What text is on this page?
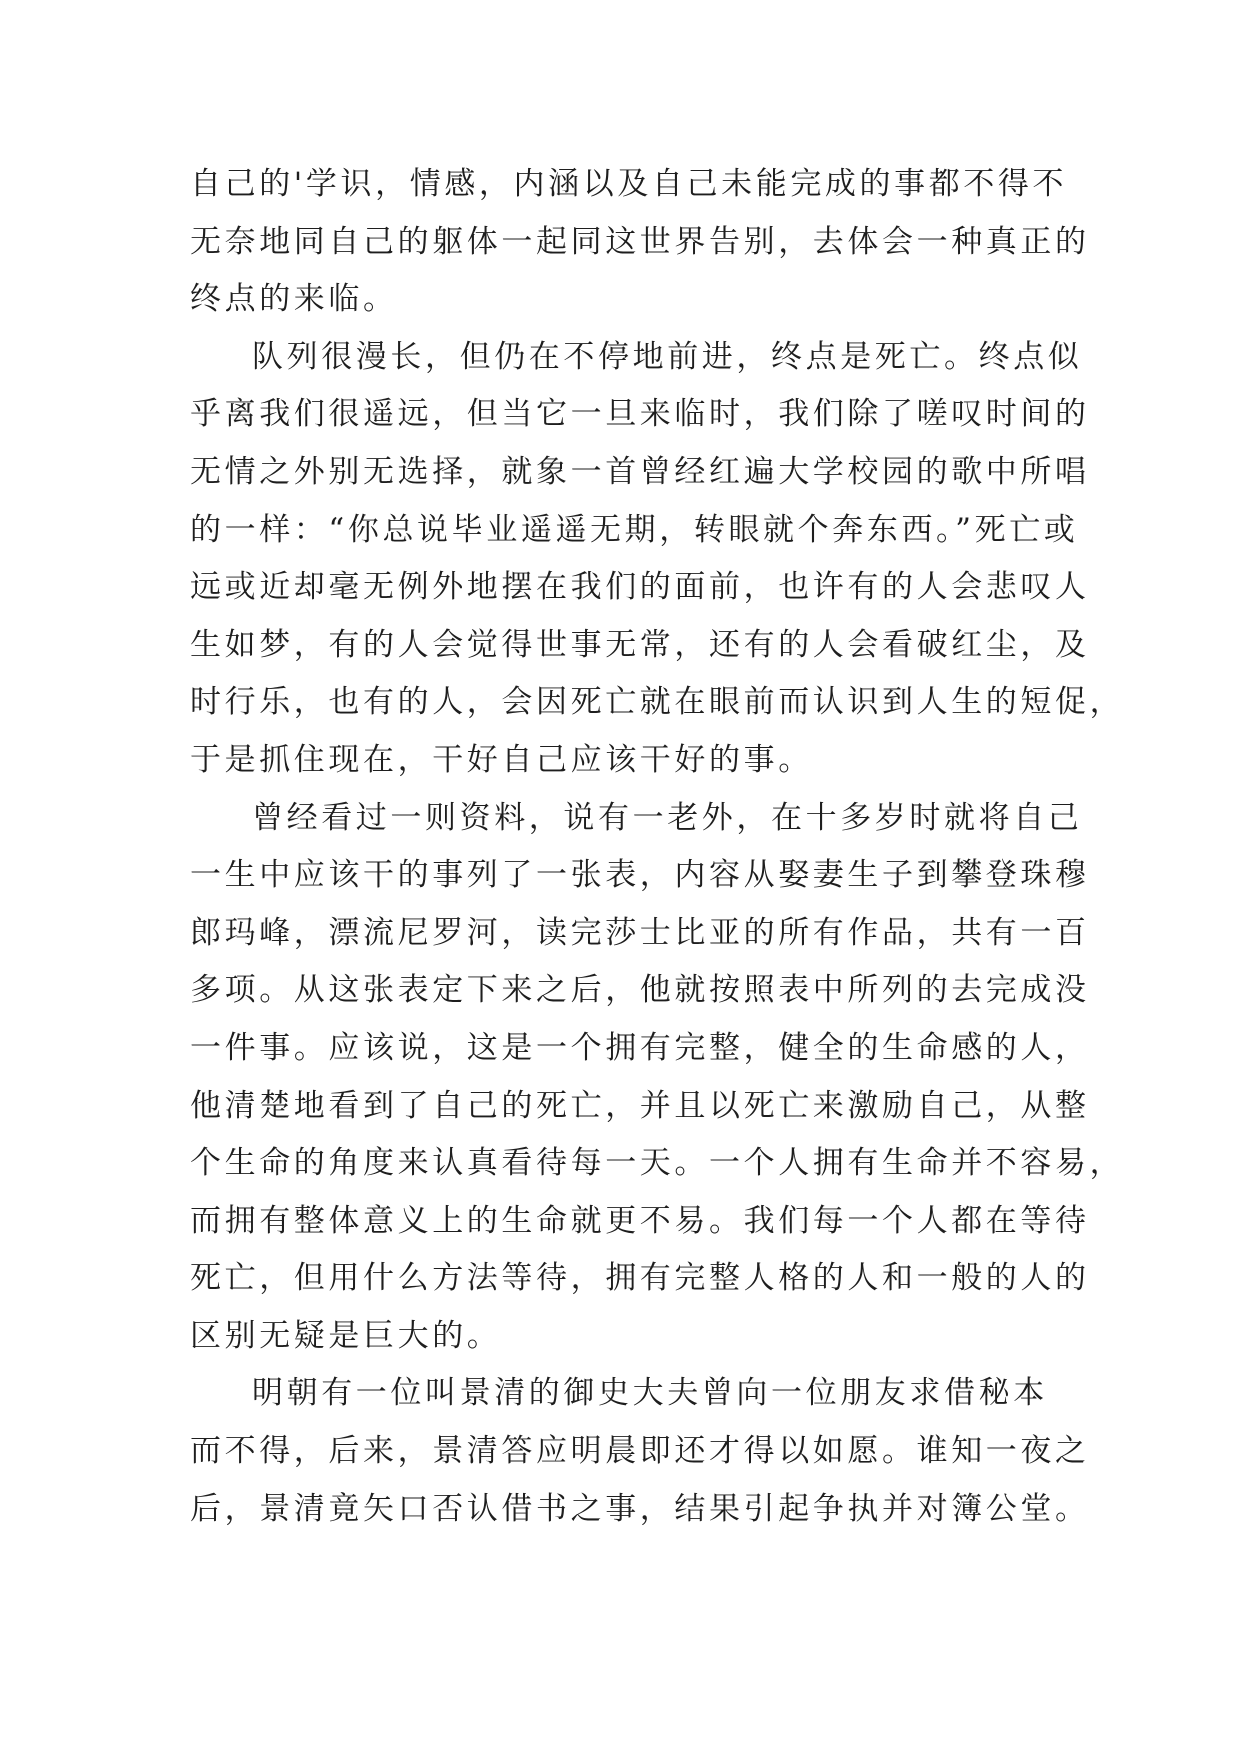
自己的'学识，情感，内涵以及自己未能完成的事都不得不
无奈地同自己的躯体一起同这世界告别，去体会一种真正的
终点的来临。
队列很漫长，但仍在不停地前进，终点是死亡。终点似
乎离我们很遥远，但当它一旦来临时，我们除了嗟叹时间的
无情之外别无选择，就象一首曾经红遍大学校园的歌中所唱
的一样：“你总说毕业遥遥无期，转眼就个奔东西。”死亡或
远或近却毫无例外地摆在我们的面前，也许有的人会悲叹人
生如梦，有的人会觉得世事无常，还有的人会看破红尘，及
时行乐，也有的人，会因死亡就在眼前而认识到人生的短促，
于是抓住现在，干好自己应该干好的事。
曾经看过一则资料，说有一老外，在十多岁时就将自己
一生中应该干的事列了一张表，内容从娶妻生子到攀登珠穆
郎玛峰，漂流尼罗河，读完莎士比亚的所有作品，共有一百
多项。从这张表定下来之后，他就按照表中所列的去完成没
一件事。应该说，这是一个拥有完整，健全的生命感的人，
他清楚地看到了自己的死亡，并且以死亡来激励自己，从整
个生命的角度来认真看待每一天。一个人拥有生命并不容易，
而拥有整体意义上的生命就更不易。我们每一个人都在等待
死亡，但用什么方法等待，拥有完整人格的人和一般的人的
区别无疑是巨大的。
明朝有一位叫景清的御史大夫曾向一位朋友求借秘本
而不得，后来，景清答应明晨即还才得以如愿。谁知一夜之
后，景清竟矢口否认借书之事，结果引起争执并对簿公堂。
